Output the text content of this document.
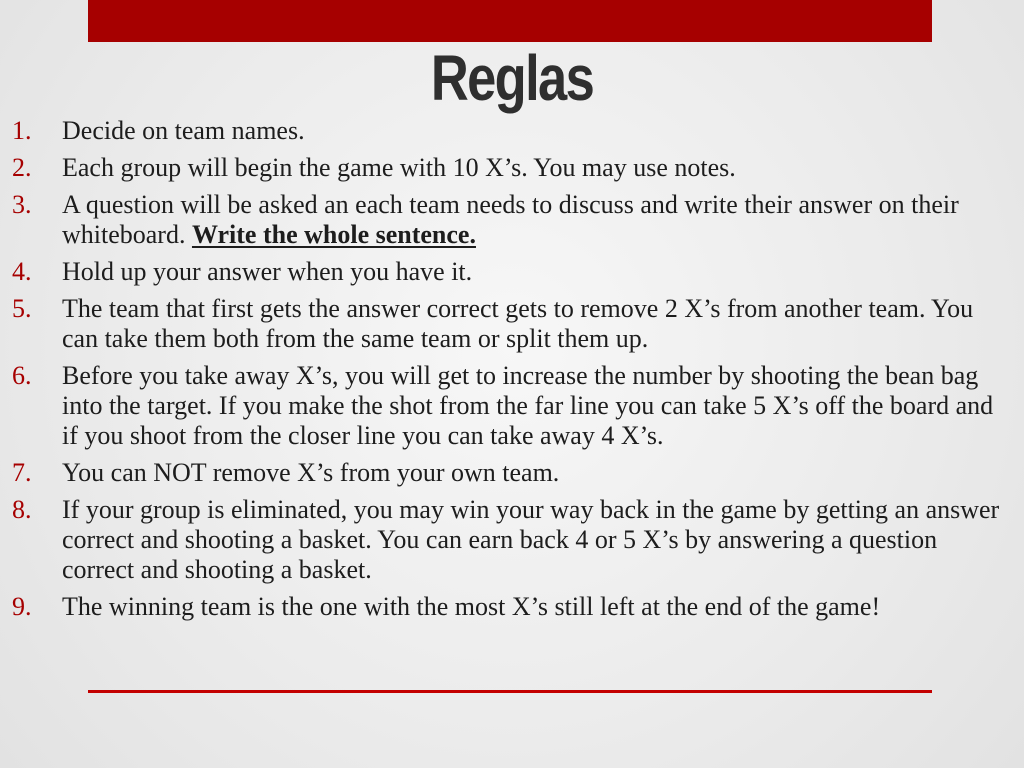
Reglas
1. Decide on team names.
2. Each group will begin the game with 10 X’s. You may use notes.
3. A question will be asked an each team needs to discuss and write their answer on their whiteboard. Write the whole sentence.
4. Hold up your answer when you have it.
5. The team that first gets the answer correct gets to remove 2 X’s from another team. You can take them both from the same team or split them up.
6. Before you take away X’s, you will get to increase the number by shooting the bean bag into the target. If you make the shot from the far line you can take 5 X’s off the board and if you shoot from the closer line you can take away 4 X’s.
7. You can NOT remove X’s from your own team.
8. If your group is eliminated, you may win your way back in the game by getting an answer correct and shooting a basket. You can earn back 4 or 5 X’s by answering a question correct and shooting a basket.
9. The winning team is the one with the most X’s still left at the end of the game!
